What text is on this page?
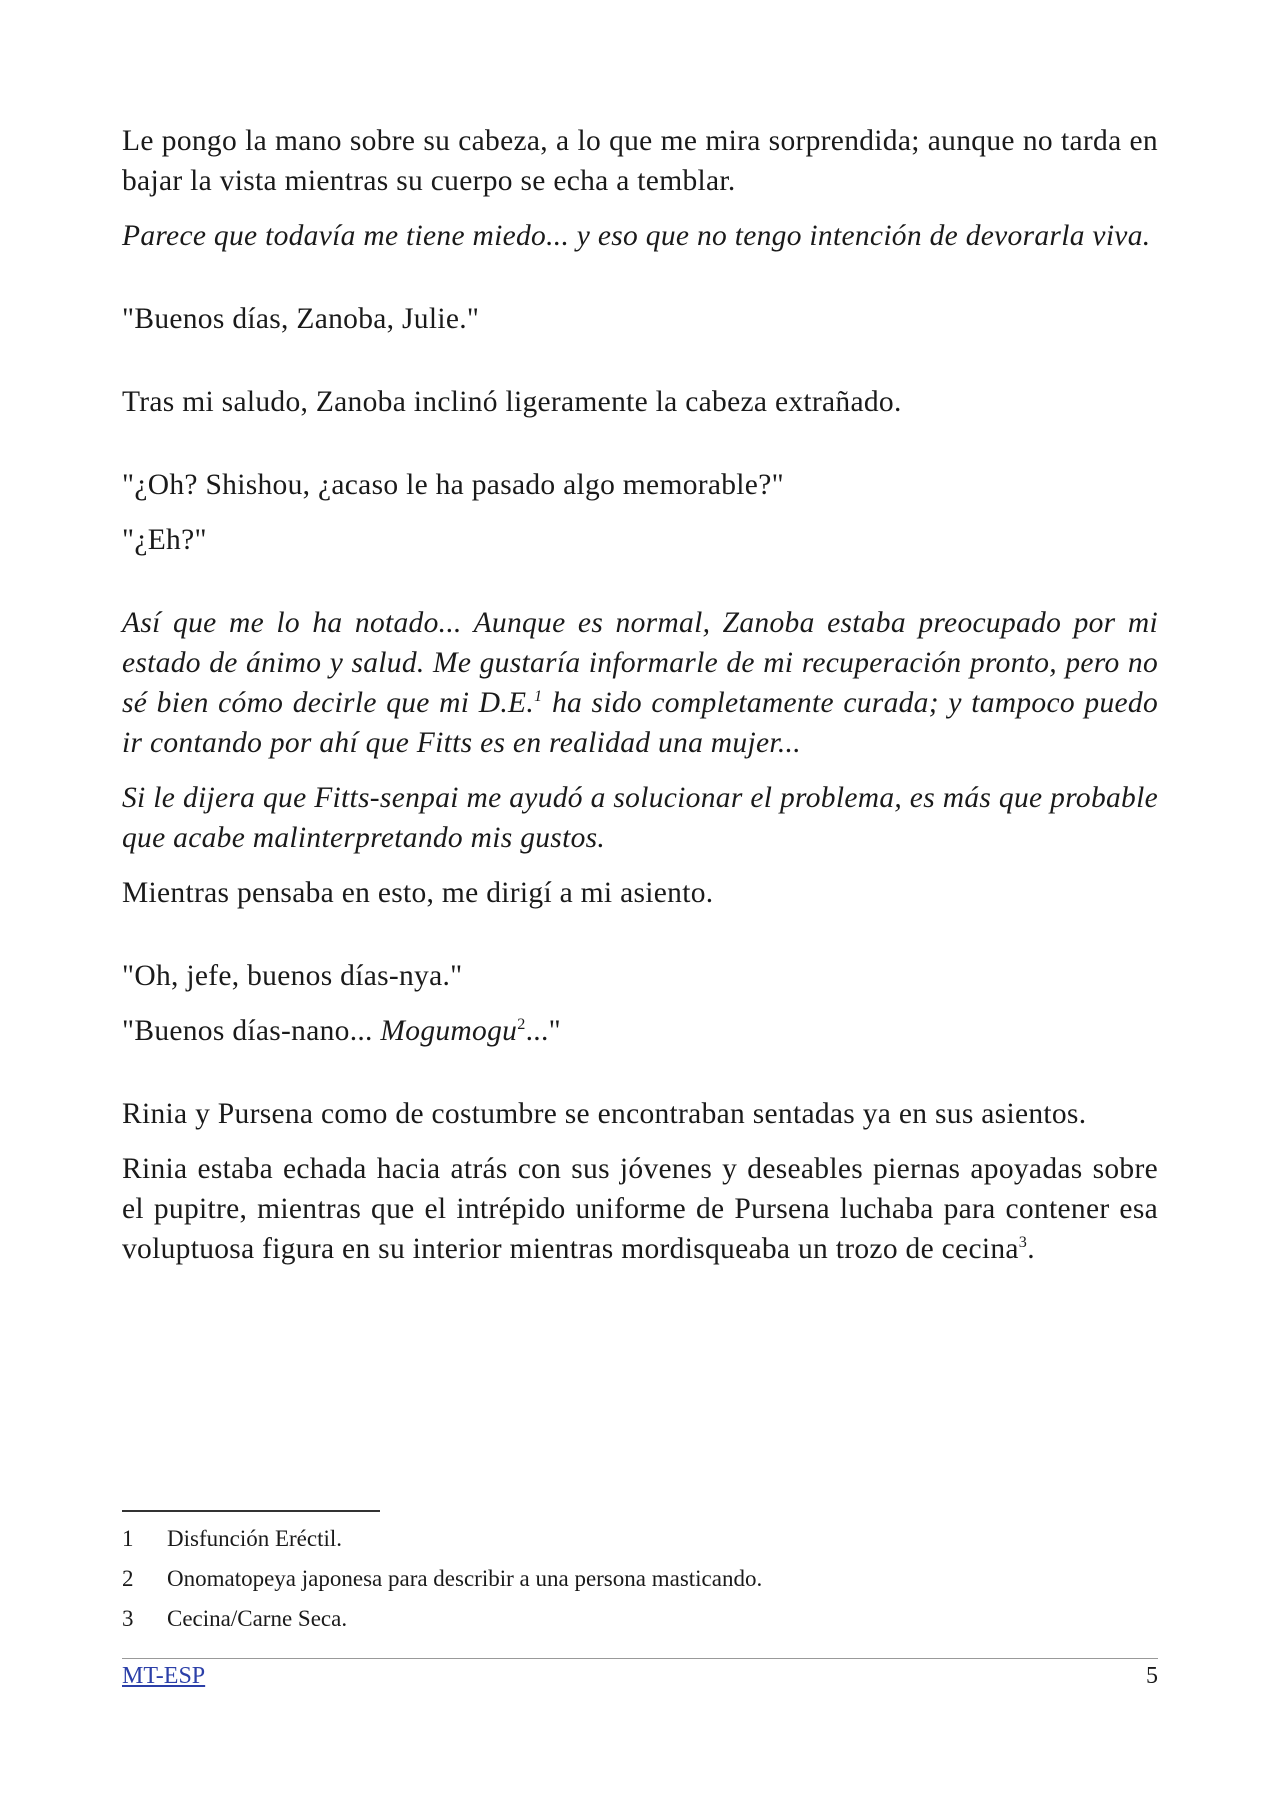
Le pongo la mano sobre su cabeza, a lo que me mira sorprendida; aunque no tarda en bajar la vista mientras su cuerpo se echa a temblar.

Parece que todavía me tiene miedo... y eso que no tengo intención de devorarla viva.

"Buenos días, Zanoba, Julie."

Tras mi saludo, Zanoba inclinó ligeramente la cabeza extrañado.

"¿Oh? Shishou, ¿acaso le ha pasado algo memorable?"

"¿Eh?"

Así que me lo ha notado... Aunque es normal, Zanoba estaba preocupado por mi estado de ánimo y salud. Me gustaría informarle de mi recuperación pronto, pero no sé bien cómo decirle que mi D.E.$^1$ ha sido completamente curada; y tampoco puedo ir contando por ahí que Fitts es en realidad una mujer...

Si le dijera que Fitts-senpai me ayudó a solucionar el problema, es más que probable que acabe malinterpretando mis gustos.

Mientras pensaba en esto, me dirigí a mi asiento.

"Oh, jefe, buenos días-nya."

"Buenos días-nano... Mogumogu$^2$..."

Rinia y Pursena como de costumbre se encontraban sentadas ya en sus asientos.

Rinia estaba echada hacia atrás con sus jóvenes y deseables piernas apoyadas sobre el pupitre, mientras que el intrépido uniforme de Pursena luchaba para contener esa voluptuosa figura en su interior mientras mordisqueaba un trozo de cecina$^3$.

1	Disfunción Eréctil.
2	Onomatopeya japonesa para describir a una persona masticando.
3	Cecina/Carne Seca.
MT-ESP	5
